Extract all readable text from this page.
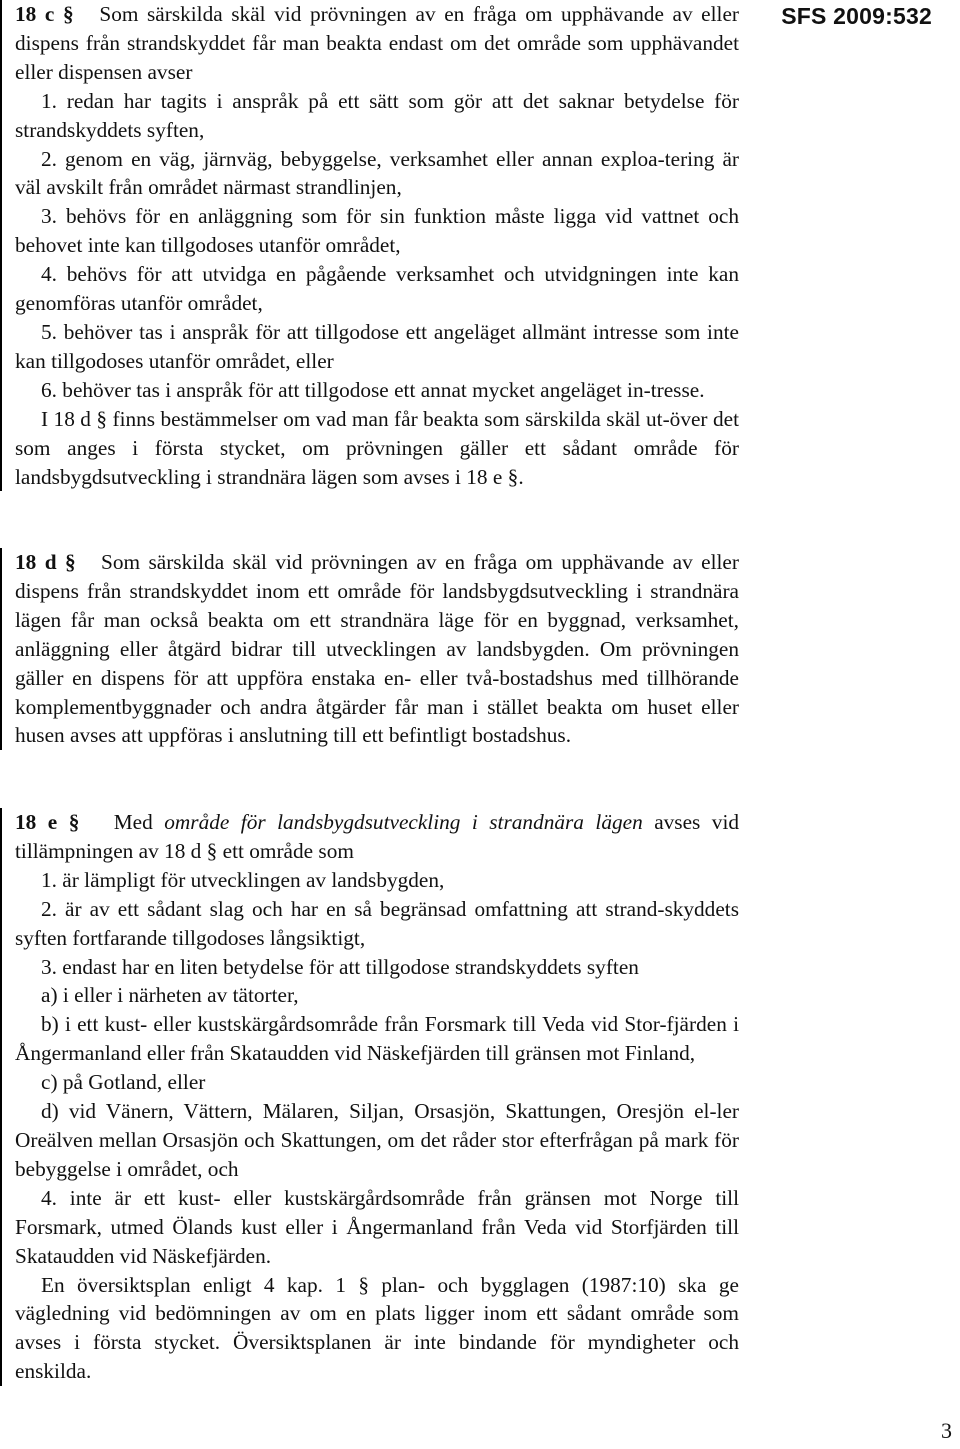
SFS 2009:532

18 c § Som särskilda skäl vid prövningen av en fråga om upphävande av eller dispens från strandskyddet får man beakta endast om det område som upphävandet eller dispensen avser

1. redan har tagits i anspråk på ett sätt som gör att det saknar betydelse för strandskyddets syften,

2. genom en väg, järnväg, bebyggelse, verksamhet eller annan exploa-tering är väl avskilt från området närmast strandlinjen,

3. behövs för en anläggning som för sin funktion måste ligga vid vattnet och behovet inte kan tillgodoses utanför området,

4. behövs för att utvidga en pågående verksamhet och utvidgningen inte kan genomföras utanför området,

5. behöver tas i anspråk för att tillgodose ett angeläget allmänt intresse som inte kan tillgodoses utanför området, eller

6. behöver tas i anspråk för att tillgodose ett annat mycket angeläget in-tresse.

I 18 d § finns bestämmelser om vad man får beakta som särskilda skäl ut-över det som anges i första stycket, om prövningen gäller ett sådant område för landsbygdsutveckling i strandnära lägen som avses i 18 e §.

18 d § Som särskilda skäl vid prövningen av en fråga om upphävande av eller dispens från strandskyddet inom ett område för landsbygdsutveckling i strandnära lägen får man också beakta om ett strandnära läge för en byggnad, verksamhet, anläggning eller åtgärd bidrar till utvecklingen av landsbygden. Om prövningen gäller en dispens för att uppföra enstaka en- eller två-bostadshus med tillhörande komplementbyggnader och andra åtgärder får man i stället beakta om huset eller husen avses att uppföras i anslutning till ett befintligt bostadshus.

18 e § Med område för landsbygdsutveckling i strandnära lägen avses vid tillämpningen av 18 d § ett område som

1. är lämpligt för utvecklingen av landsbygden,

2. är av ett sådant slag och har en så begränsad omfattning att strand-skyddets syften fortfarande tillgodoses långsiktigt,

3. endast har en liten betydelse för att tillgodose strandskyddets syften

a) i eller i närheten av tätorter,

b) i ett kust- eller kustskärgårdsområde från Forsmark till Veda vid Stor-fjärden i Ångermanland eller från Skataudden vid Näskefjärden till gränsen mot Finland,

c) på Gotland, eller

d) vid Vänern, Vättern, Mälaren, Siljan, Orsasjön, Skattungen, Oresjön el-ler Oreälven mellan Orsasjön och Skattungen, om det råder stor efterfrågan på mark för bebyggelse i området, och

4. inte är ett kust- eller kustskärgårdsområde från gränsen mot Norge till Forsmark, utmed Ölands kust eller i Ångermanland från Veda vid Storfjärden till Skataudden vid Näskefjärden.

En översiktsplan enligt 4 kap. 1 § plan- och bygglagen (1987:10) ska ge vägledning vid bedömningen av om en plats ligger inom ett sådant område som avses i första stycket. Översiktsplanen är inte bindande för myndigheter och enskilda.

3
